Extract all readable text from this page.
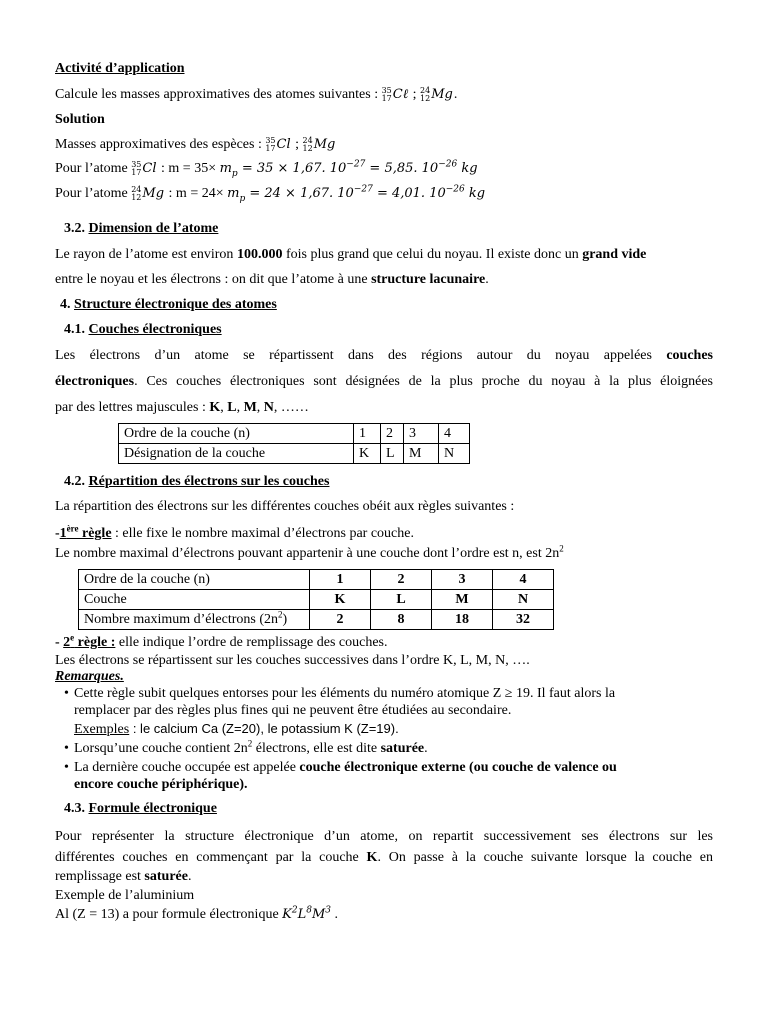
Activité d’application
Calcule les masses approximatives des atomes suivantes : 35
17 Cℓ ; 24
12 Mg .
Solution
Masses approximatives des espèces : 35
17 Cl ; 24
12 Mg
Pour l’atome 35
17 Cl : $m = 35\times m_p = 35 \times 1,67$. $10^{-27} = 5,85$. $10^{-26}$ kg
Pour l’atome 24
12 Mg : $m = 24\times m_p = 24 \times 1,67$. $10^{-27} = 4,01$. $10^{-26}$ kg
3.2. Dimension de l’atome
Le rayon de l’atome est environ 100.000 fois plus grand que celui du noyau. Il existe donc un grand vide
entre le noyau et les électrons : on dit que l’atome à une structure lacunaire.
4. Structure électronique des atomes
4.1. Couches électroniques
Les électrons d’un atome se répartissent dans des régions autour du noyau appelées couches
électroniques. Ces couches électroniques sont désignées de la plus proche du noyau à la plus éloignées
par des lettres majuscules : K, L, M, N, ……
Ordre de la couche (n)	1	2	3	4
Désignation de la couche	K	L	M	N
4.2. Répartition des électrons sur les couches
La répartition des électrons sur les différentes couches obéit aux règles suivantes :
-1ère règle : elle fixe le nombre maximal d’électrons par couche.
Le nombre maximal d’électrons pouvant appartenir à une couche dont l’ordre est n, est $2n^2$
Ordre de la couche (n)	1	2	3	4
Couche	K	L	M	N
Nombre maximum d’électrons $(2n^2)$	2	8	18	32
- 2e règle : elle indique l’ordre de remplissage des couches.
Les électrons se répartissent sur les couches successives dans l’ordre K, L, M, N, ….
Remarques.
• Cette règle subit quelques entorses pour les éléments du numéro atomique Z ≥ 19. Il faut alors la
remplacer par des règles plus fines qui ne peuvent être étudiées au secondaire.
Exemples : le calcium Ca (Z=20), le potassium K (Z=19).
• Lorsqu’une couche contient $2n^2$ électrons, elle est dite saturée.
• La dernière couche occupée est appelée couche électronique externe (ou couche de valence ou
encore couche périphérique).
4.3. Formule électronique
Pour représenter la structure électronique d’un atome, on repartit successivement ses électrons sur les
différentes couches en commençant par la couche K. On passe à la couche suivante lorsque la couche en
remplissage est saturée.
Exemple de l’aluminium
Al (Z = 13) a pour formule électronique $K^2L^8M^3$ .
